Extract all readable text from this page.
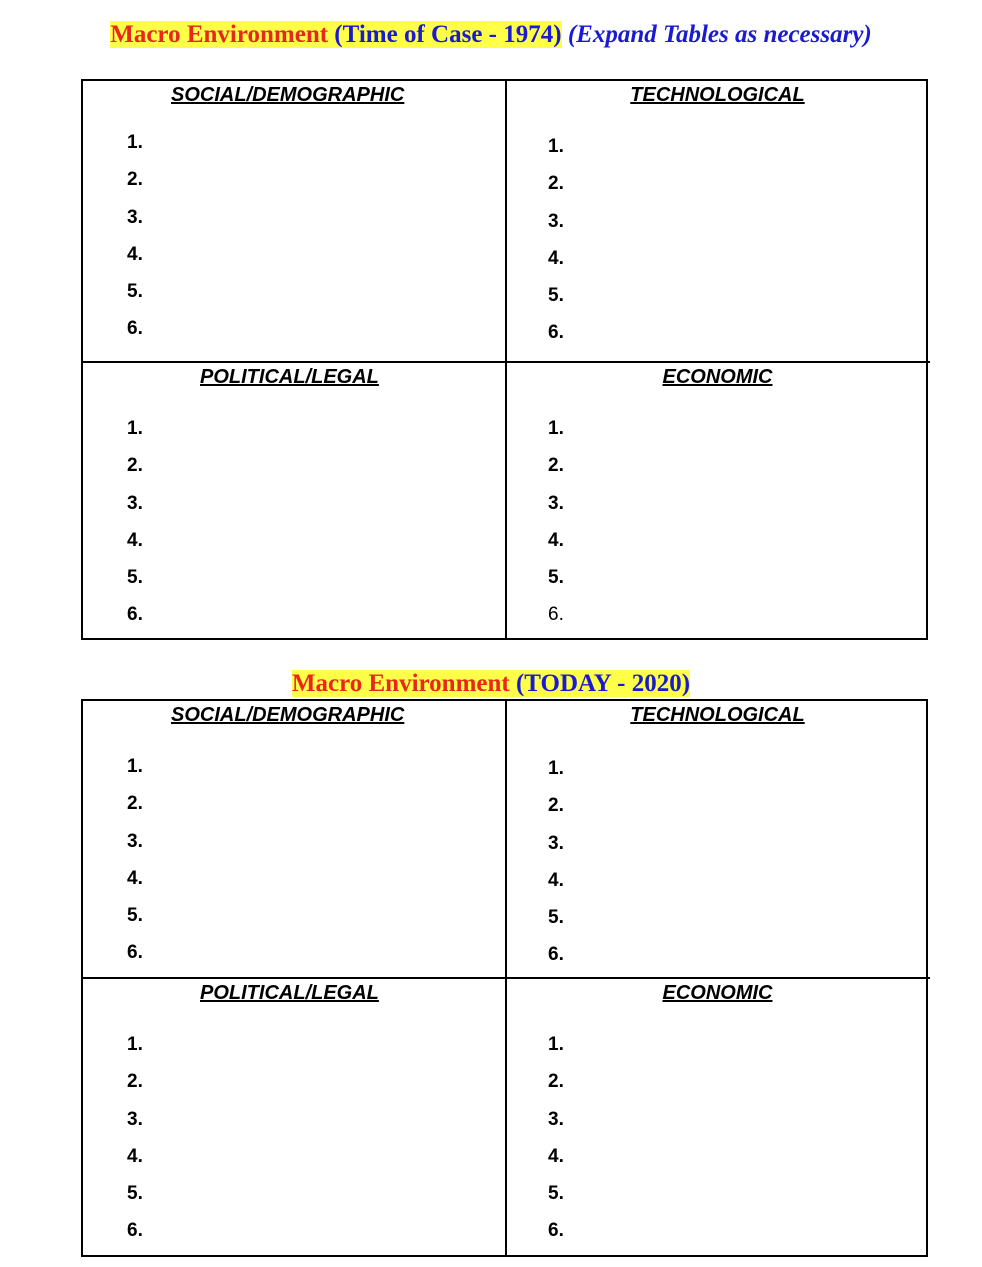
Macro Environment (Time of Case - 1974) (Expand Tables as necessary)
SOCIAL/DEMOGRAPHIC
1.
2.
3.
4.
5.
6.
TECHNOLOGICAL
1.
2.
3.
4.
5.
6.
POLITICAL/LEGAL
1.
2.
3.
4.
5.
6.
ECONOMIC
1.
2.
3.
4.
5.
6.
Macro Environment (TODAY - 2020)
SOCIAL/DEMOGRAPHIC
1.
2.
3.
4.
5.
6.
TECHNOLOGICAL
1.
2.
3.
4.
5.
6.
POLITICAL/LEGAL
1.
2.
3.
4.
5.
6.
ECONOMIC
1.
2.
3.
4.
5.
6.
